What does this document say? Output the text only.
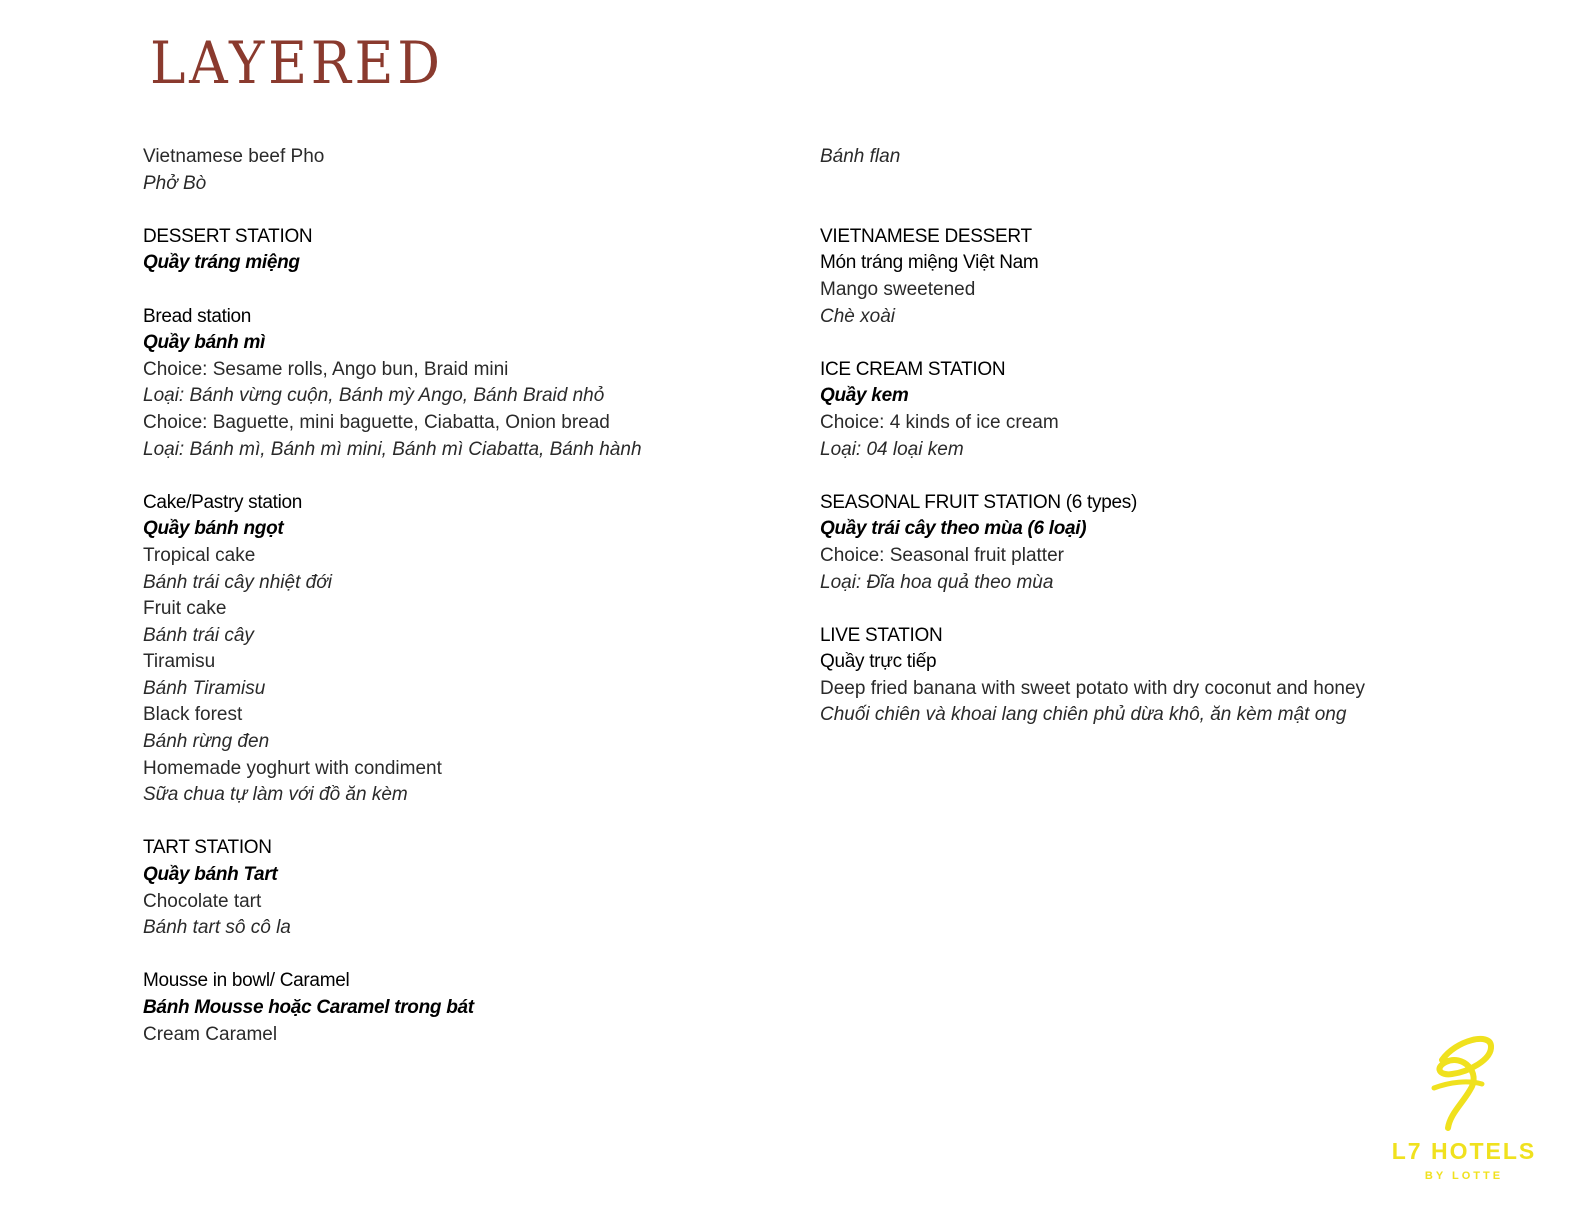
LAYERED
Vietnamese beef Pho
Phở Bò
DESSERT STATION
Quầy tráng miệng
Bread station
Quầy bánh mì
Choice: Sesame rolls, Ango bun, Braid mini
Loại: Bánh vừng cuộn, Bánh mỳ Ango, Bánh Braid nhỏ
Choice: Baguette, mini baguette, Ciabatta, Onion bread
Loại: Bánh mì, Bánh mì mini, Bánh mì Ciabatta, Bánh hành
Cake/Pastry station
Quầy bánh ngọt
Tropical cake
Bánh trái cây nhiệt đới
Fruit cake
Bánh trái cây
Tiramisu
Bánh Tiramisu
Black forest
Bánh rừng đen
Homemade yoghurt with condiment
Sữa chua tự làm với đồ ăn kèm
TART STATION
Quầy bánh Tart
Chocolate tart
Bánh tart sô cô la
Mousse in bowl/ Caramel
Bánh Mousse hoặc Caramel trong bát
Cream Caramel
Bánh flan
VIETNAMESE DESSERT
Món tráng miệng Việt Nam
Mango sweetened
Chè xoài
ICE CREAM STATION
Quầy kem
Choice: 4 kinds of ice cream
Loại: 04 loại kem
SEASONAL FRUIT STATION (6 types)
Quầy trái cây theo mùa (6 loại)
Choice: Seasonal fruit platter
Loại: Đĩa hoa quả theo mùa
LIVE STATION
Quầy trực tiếp
Deep fried banana with sweet potato with dry coconut and honey
Chuối chiên và khoai lang chiên phủ dừa khô, ăn kèm mật ong
L7 HOTELS
BY LOTTE
